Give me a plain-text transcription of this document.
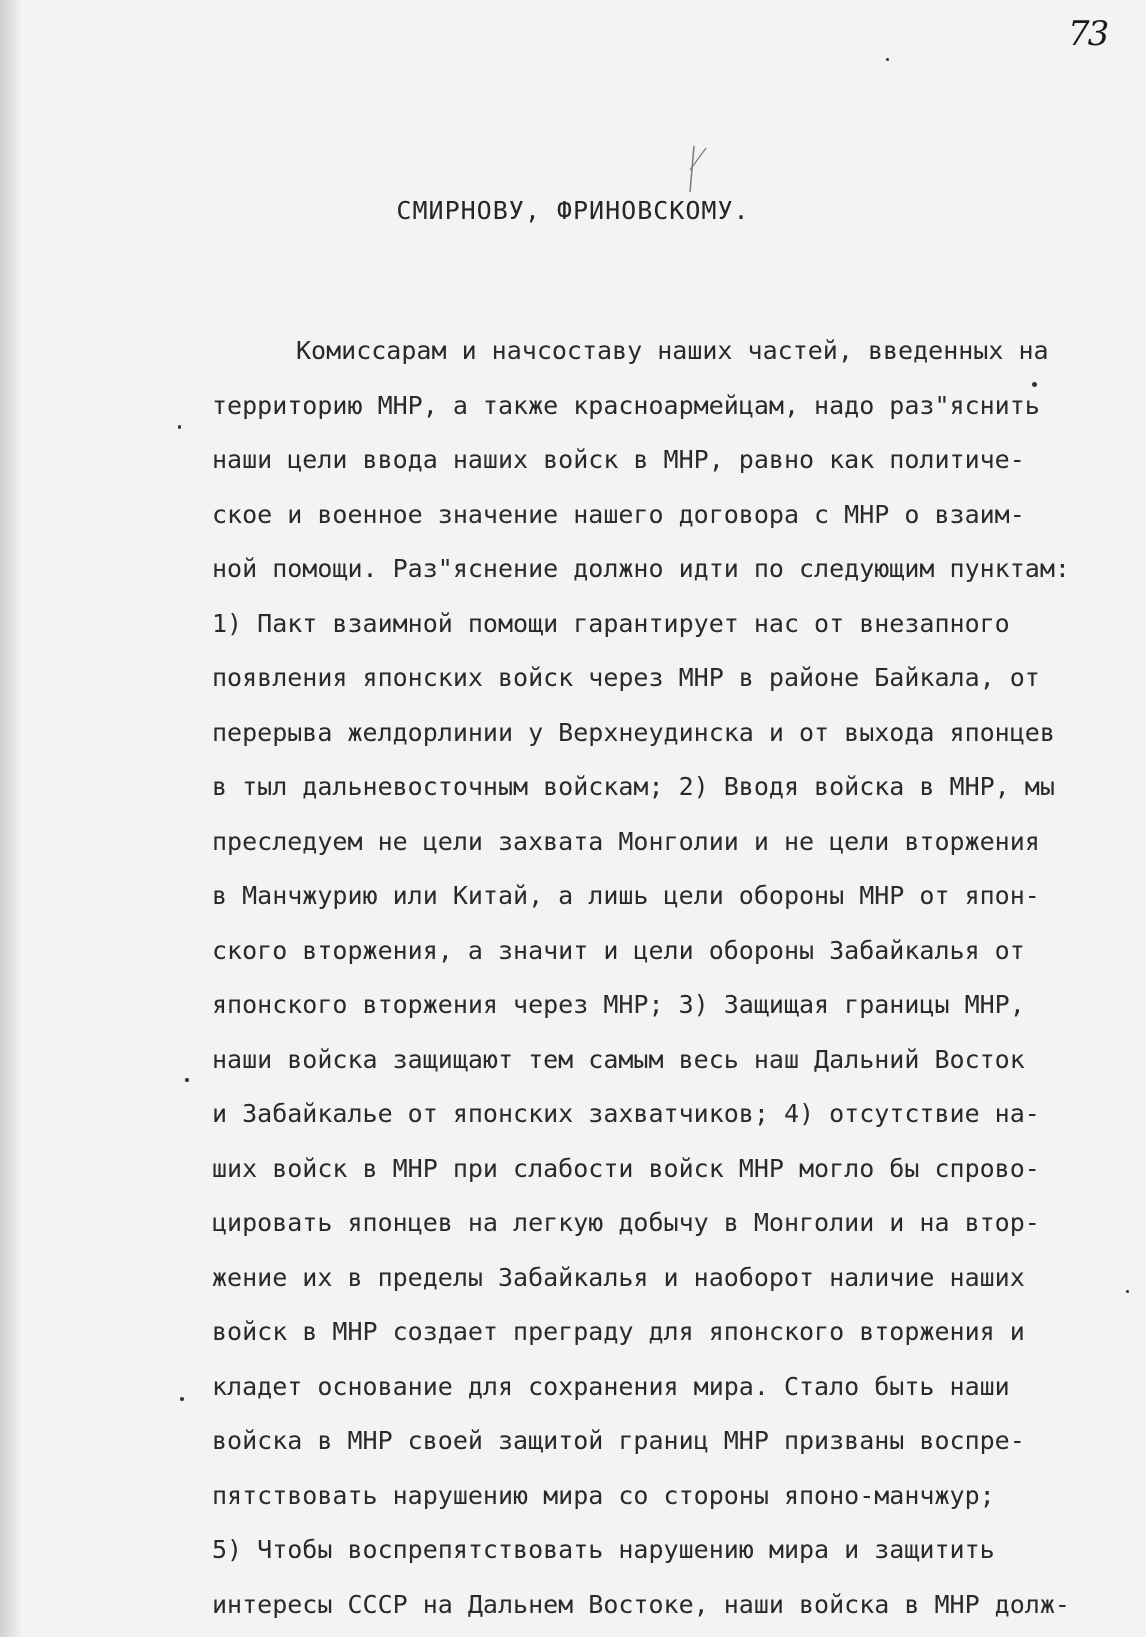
73
СМИРНОВУ, ФРИНОВСКОМУ.
Комиссарам и начсоставу наших частей, введенных на
территорию МНР, а также красноармейцам, надо раз"яснить
наши цели ввода наших войск в МНР, равно как политиче-
ское и военное значение нашего договора с МНР о взаим-
ной помощи. Раз"яснение должно идти по следующим пунктам:
1) Пакт взаимной помощи гарантирует нас от внезапного
появления японских войск через МНР в районе Байкала, от
перерыва желдорлинии у Верхнеудинска и от выхода японцев
в тыл дальневосточным войскам; 2) Вводя войска в МНР, мы
преследуем не цели захвата Монголии и не цели вторжения
в Манчжурию или Китай, а лишь цели обороны МНР от япон-
ского вторжения, а значит и цели обороны Забайкалья от
японского вторжения через МНР; 3) Защищая границы МНР,
наши войска защищают тем самым весь наш Дальний Восток
и Забайкалье от японских захватчиков; 4) отсутствие на-
ших войск в МНР при слабости войск МНР могло бы спрово-
цировать японцев на легкую добычу в Монголии и на втор-
жение их в пределы Забайкалья и наоборот наличие наших
войск в МНР создает преграду для японского вторжения и
кладет основание для сохранения мира. Стало быть наши
войска в МНР своей защитой границ МНР призваны воспре-
пятствовать нарушению мира со стороны японо-манчжур;
5) Чтобы воспрепятствовать нарушению мира и защитить
интересы СССР на Дальнем Востоке, наши войска в МНР долж-
